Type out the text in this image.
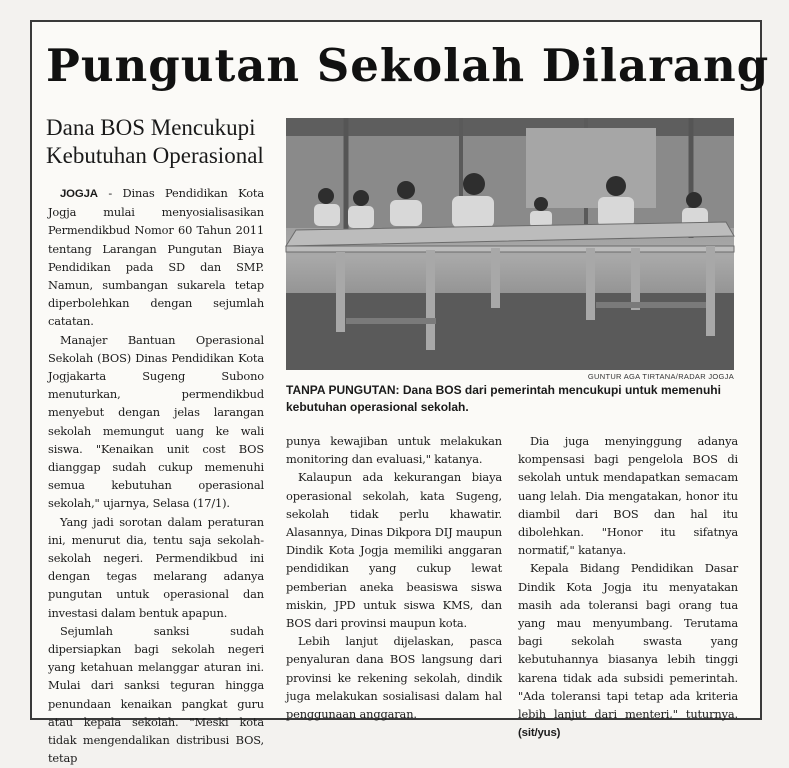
Pungutan Sekolah Dilarang
Dana BOS Mencukupi
Kebutuhan Operasional
GUNTUR AGA TIRTANA/RADAR JOGJA
TANPA PUNGUTAN: Dana BOS dari pemerintah mencukupi untuk memenuhi kebutuhan operasional sekolah.

JOGJA - Dinas Pendidikan Kota Jogja mulai menyosialisasikan Permendikbud Nomor 60 Tahun 2011 tentang Larangan Pungutan Biaya Pendidikan pada SD dan SMP. Namun, sumbangan sukarela tetap diperbolehkan dengan sejumlah catatan.

Manajer Bantuan Operasional Sekolah (BOS) Dinas Pendidikan Kota Jogjakarta Sugeng Subono menuturkan, permendikbud menyebut dengan jelas larangan sekolah memungut uang ke wali siswa. "Kenaikan unit cost BOS dianggap sudah cukup memenuhi semua kebutuhan operasional sekolah," ujarnya, Selasa (17/1).

Yang jadi sorotan dalam peraturan ini, menurut dia, tentu saja sekolah-sekolah negeri. Permendikbud ini dengan tegas melarang adanya pungutan untuk operasional dan investasi dalam bentuk apapun.

Sejumlah sanksi sudah dipersiapkan bagi sekolah negeri yang ketahuan melanggar aturan ini. Mulai dari sanksi teguran hingga penundaan kenaikan pangkat guru atau kepala sekolah. "Meski kota tidak mengendalikan distribusi BOS, tetap

punya kewajiban untuk melakukan monitoring dan evaluasi," katanya.

Kalaupun ada kekurangan biaya operasional sekolah, kata Sugeng, sekolah tidak perlu khawatir. Alasannya, Dinas Dikpora DIJ maupun Dindik Kota Jogja memiliki anggaran pendidikan yang cukup lewat pemberian aneka beasiswa siswa miskin, JPD untuk siswa KMS, dan BOS dari provinsi maupun kota.

Lebih lanjut dijelaskan, pasca penyaluran dana BOS langsung dari provinsi ke rekening sekolah, dindik juga melakukan sosialisasi dalam hal penggunaan anggaran.

Dia juga menyinggung adanya kompensasi bagi pengelola BOS di sekolah untuk mendapatkan semacam uang lelah. Dia mengatakan, honor itu diambil dari BOS dan hal itu dibolehkan. "Honor itu sifatnya normatif," katanya.

Kepala Bidang Pendidikan Dasar Dindik Kota Jogja itu menyatakan masih ada toleransi bagi orang tua yang mau menyumbang. Terutama bagi sekolah swasta yang kebutuhannya biasanya lebih tinggi karena tidak ada subsidi pemerintah. "Ada toleransi tapi tetap ada kriteria lebih lanjut dari menteri," tuturnya.(sit/yus)
